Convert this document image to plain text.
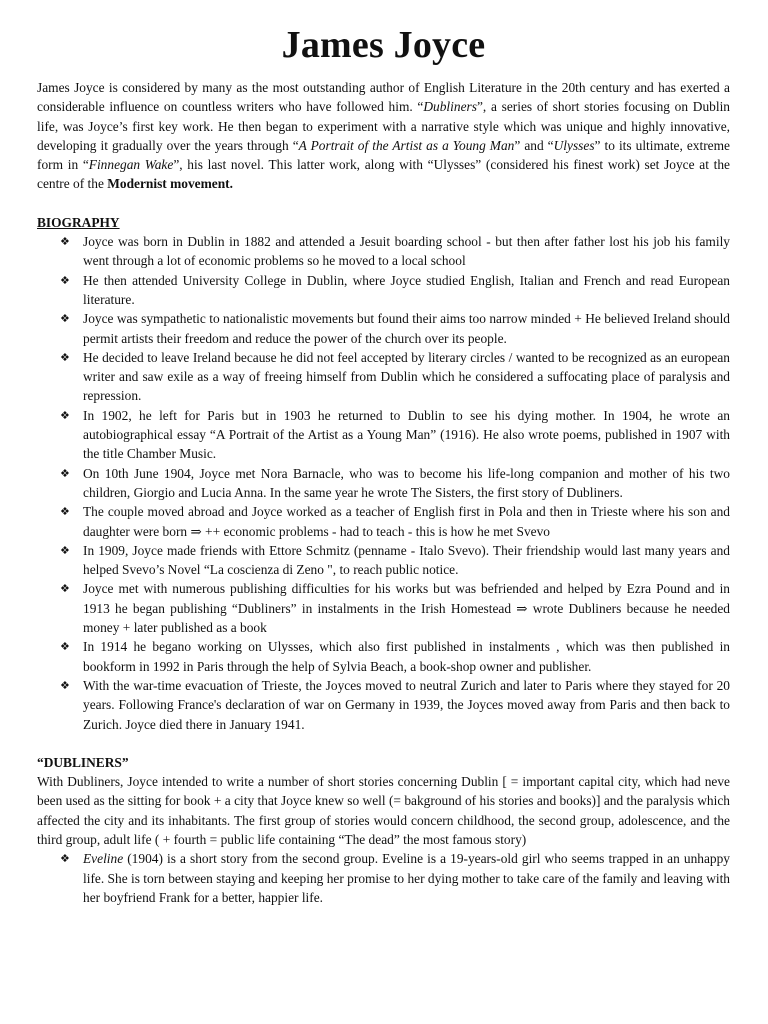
James Joyce

James Joyce is considered by many as the most outstanding author of English Literature in the 20th century and has exerted a considerable influence on countless writers who have followed him. “Dubliners”, a series of short stories focusing on Dublin life, was Joyce’s first key work. He then began to experiment with a narrative style which was unique and highly innovative, developing it gradually over the years through “A Portrait of the Artist as a Young Man” and “Ulysses” to its ultimate, extreme form in “Finnegan Wake”, his last novel. This latter work, along with “Ulysses” (considered his finest work) set Joyce at the centre of the Modernist movement.

BIOGRAPHY
❖ Joyce was born in Dublin in 1882 and attended a Jesuit boarding school - but then after father lost his job his family went through a lot of economic problems so he moved to a local school
❖ He then attended University College in Dublin, where Joyce studied English, Italian and French and read European literature.
❖ Joyce was sympathetic to nationalistic movements but found their aims too narrow minded + He believed Ireland should permit artists their freedom and reduce the power of the church over its people.
❖ He decided to leave Ireland because he did not feel accepted by literary circles / wanted to be recognized as an european writer and saw exile as a way of freeing himself from Dublin which he considered a suffocating place of paralysis and repression.
❖ In 1902, he left for Paris but in 1903 he returned to Dublin to see his dying mother. In 1904, he wrote an autobiographical essay “A Portrait of the Artist as a Young Man” (1916). He also wrote poems, published in 1907 with the title Chamber Music.
❖ On 10th June 1904, Joyce met Nora Barnacle, who was to become his life-long companion and mother of his two children, Giorgio and Lucia Anna. In the same year he wrote The Sisters, the first story of Dubliners.
❖ The couple moved abroad and Joyce worked as a teacher of English first in Pola and then in Trieste where his son and daughter were born ⇒ ++ economic problems - had to teach - this is how he met Svevo
❖ In 1909, Joyce made friends with Ettore Schmitz (penname - Italo Svevo). Their friendship would last many years and helped Svevo’s Novel “La coscienza di Zeno ", to reach public notice.
❖ Joyce met with numerous publishing difficulties for his works but was befriended and helped by Ezra Pound and in 1913 he began publishing “Dubliners” in instalments in the Irish Homestead ⇒ wrote Dubliners because he needed money + later published as a book
❖ In 1914 he begano working on Ulysses, which also first published in instalments , which was then published in bookform in 1992 in Paris through the help of Sylvia Beach, a book-shop owner and publisher.
❖ With the war-time evacuation of Trieste, the Joyces moved to neutral Zurich and later to Paris where they stayed for 20 years. Following France's declaration of war on Germany in 1939, the Joyces moved away from Paris and then back to Zurich. Joyce died there in January 1941.
“DUBLINERS”

With Dubliners, Joyce intended to write a number of short stories concerning Dublin [ = important capital city, which had neve been used as the sitting for book + a city that Joyce knew so well (= bakground of his stories and books)] and the paralysis which affected the city and its inhabitants. The first group of stories would concern childhood, the second group, adolescence, and the third group, adult life ( + fourth = public life containing “The dead” the most famous story)

❖ Eveline (1904) is a short story from the second group. Eveline is a 19-years-old girl who seems trapped in an unhappy life. She is torn between staying and keeping her promise to her dying mother to take care of the family and leaving with her boyfriend Frank for a better, happier life.
